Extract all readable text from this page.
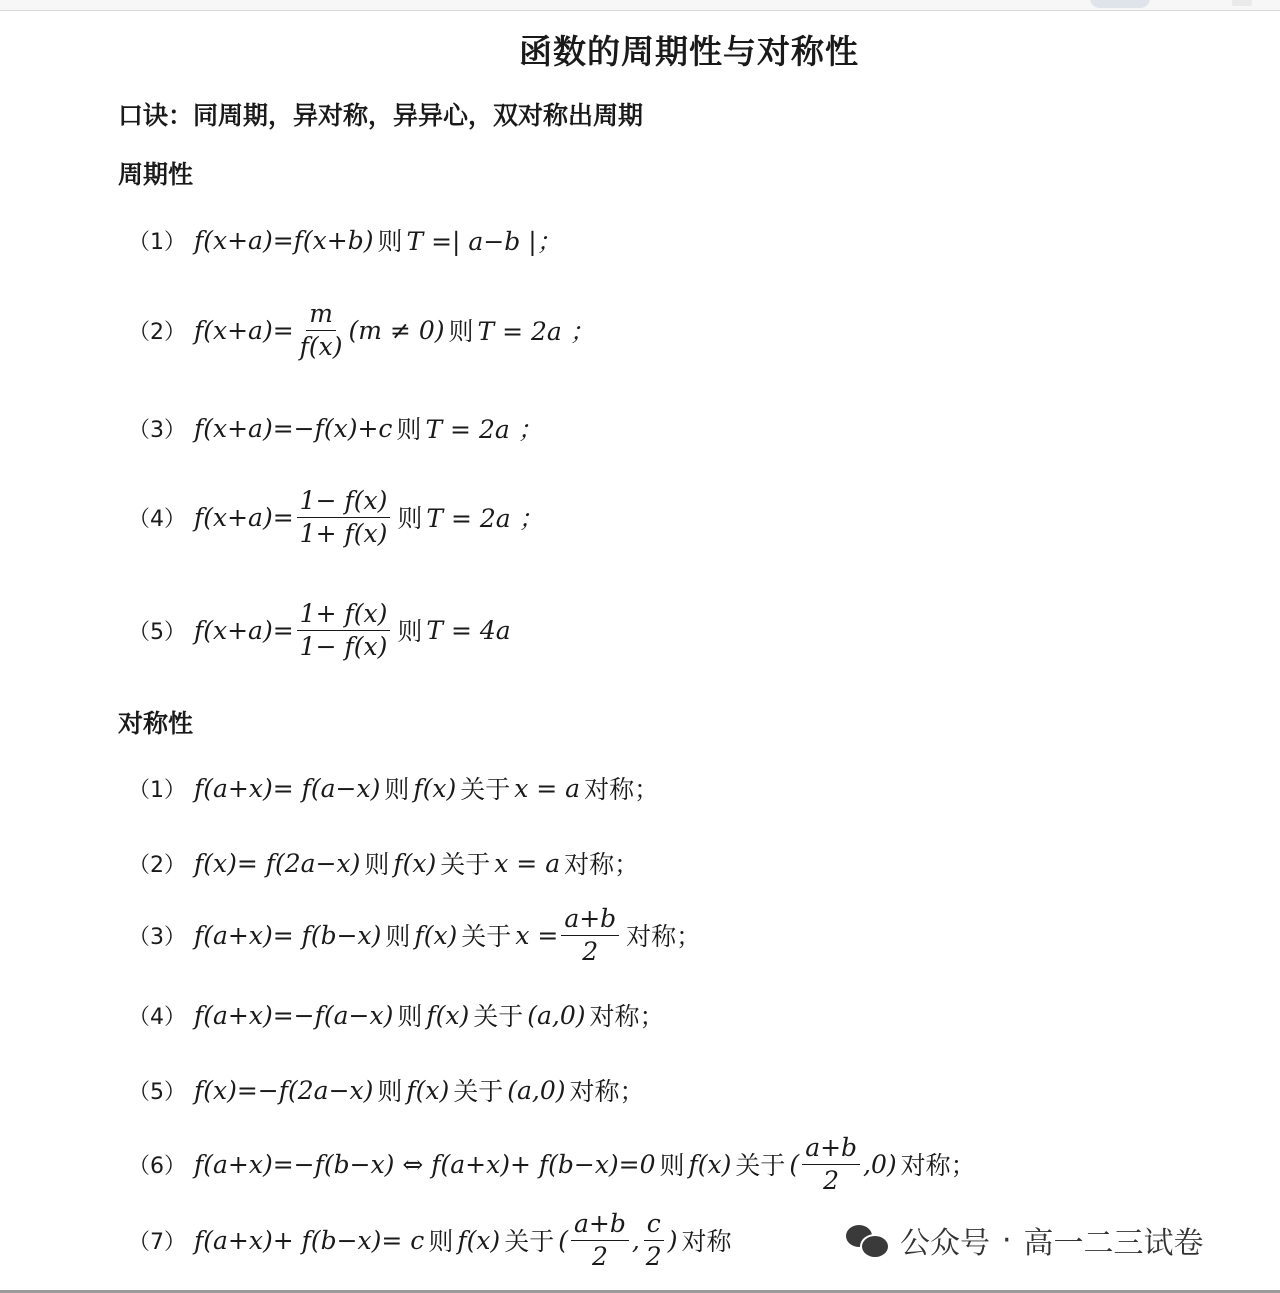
函数的周期性与对称性
口诀：同周期，异对称，异异心，双对称出周期
周期性
（1） f(x+a)=f(x+b) 则 T =| a−b |；
（2） $f(x+a)= \frac{m}{f(x)} (m \ne 0)$ 则 T = 2a ；
（3） f(x+a)=−f(x)+c 则 T = 2a ；
（4） $f(x+a)= \frac{1- f(x)}{1+ f(x)}$ 则 T = 2a ；
（5） $f(x+a)= \frac{1+ f(x)}{1- f(x)}$ 则 T = 4a
对称性
（1） f(a+x)= f(a−x) 则 f(x) 关于 x = a 对称；
（2） f(x)= f(2a−x) 则 f(x) 关于 x = a 对称；
（3） f(a+x)= f(b−x) 则 f(x) 关于 $x = \frac{a+b}{2}$ 对称；
（4） f(a+x)=−f(a−x) 则 f(x) 关于 (a,0) 对称；
（5） f(x)=−f(2a−x) 则 f(x) 关于 (a,0) 对称；
（6） f(a+x)=−f(b−x) ⇔ f(a+x)+ f(b−x)=0 则 f(x) 关于 ( $\frac{a+b}{2} ,0$) 对称；
（7） f(a+x)+ f(b−x)= c 则 f(x) 关于 ( $\frac{a+b}{2}$ , $\frac{c}{2}$ ) 对称	公众号 · 高一二三试卷
